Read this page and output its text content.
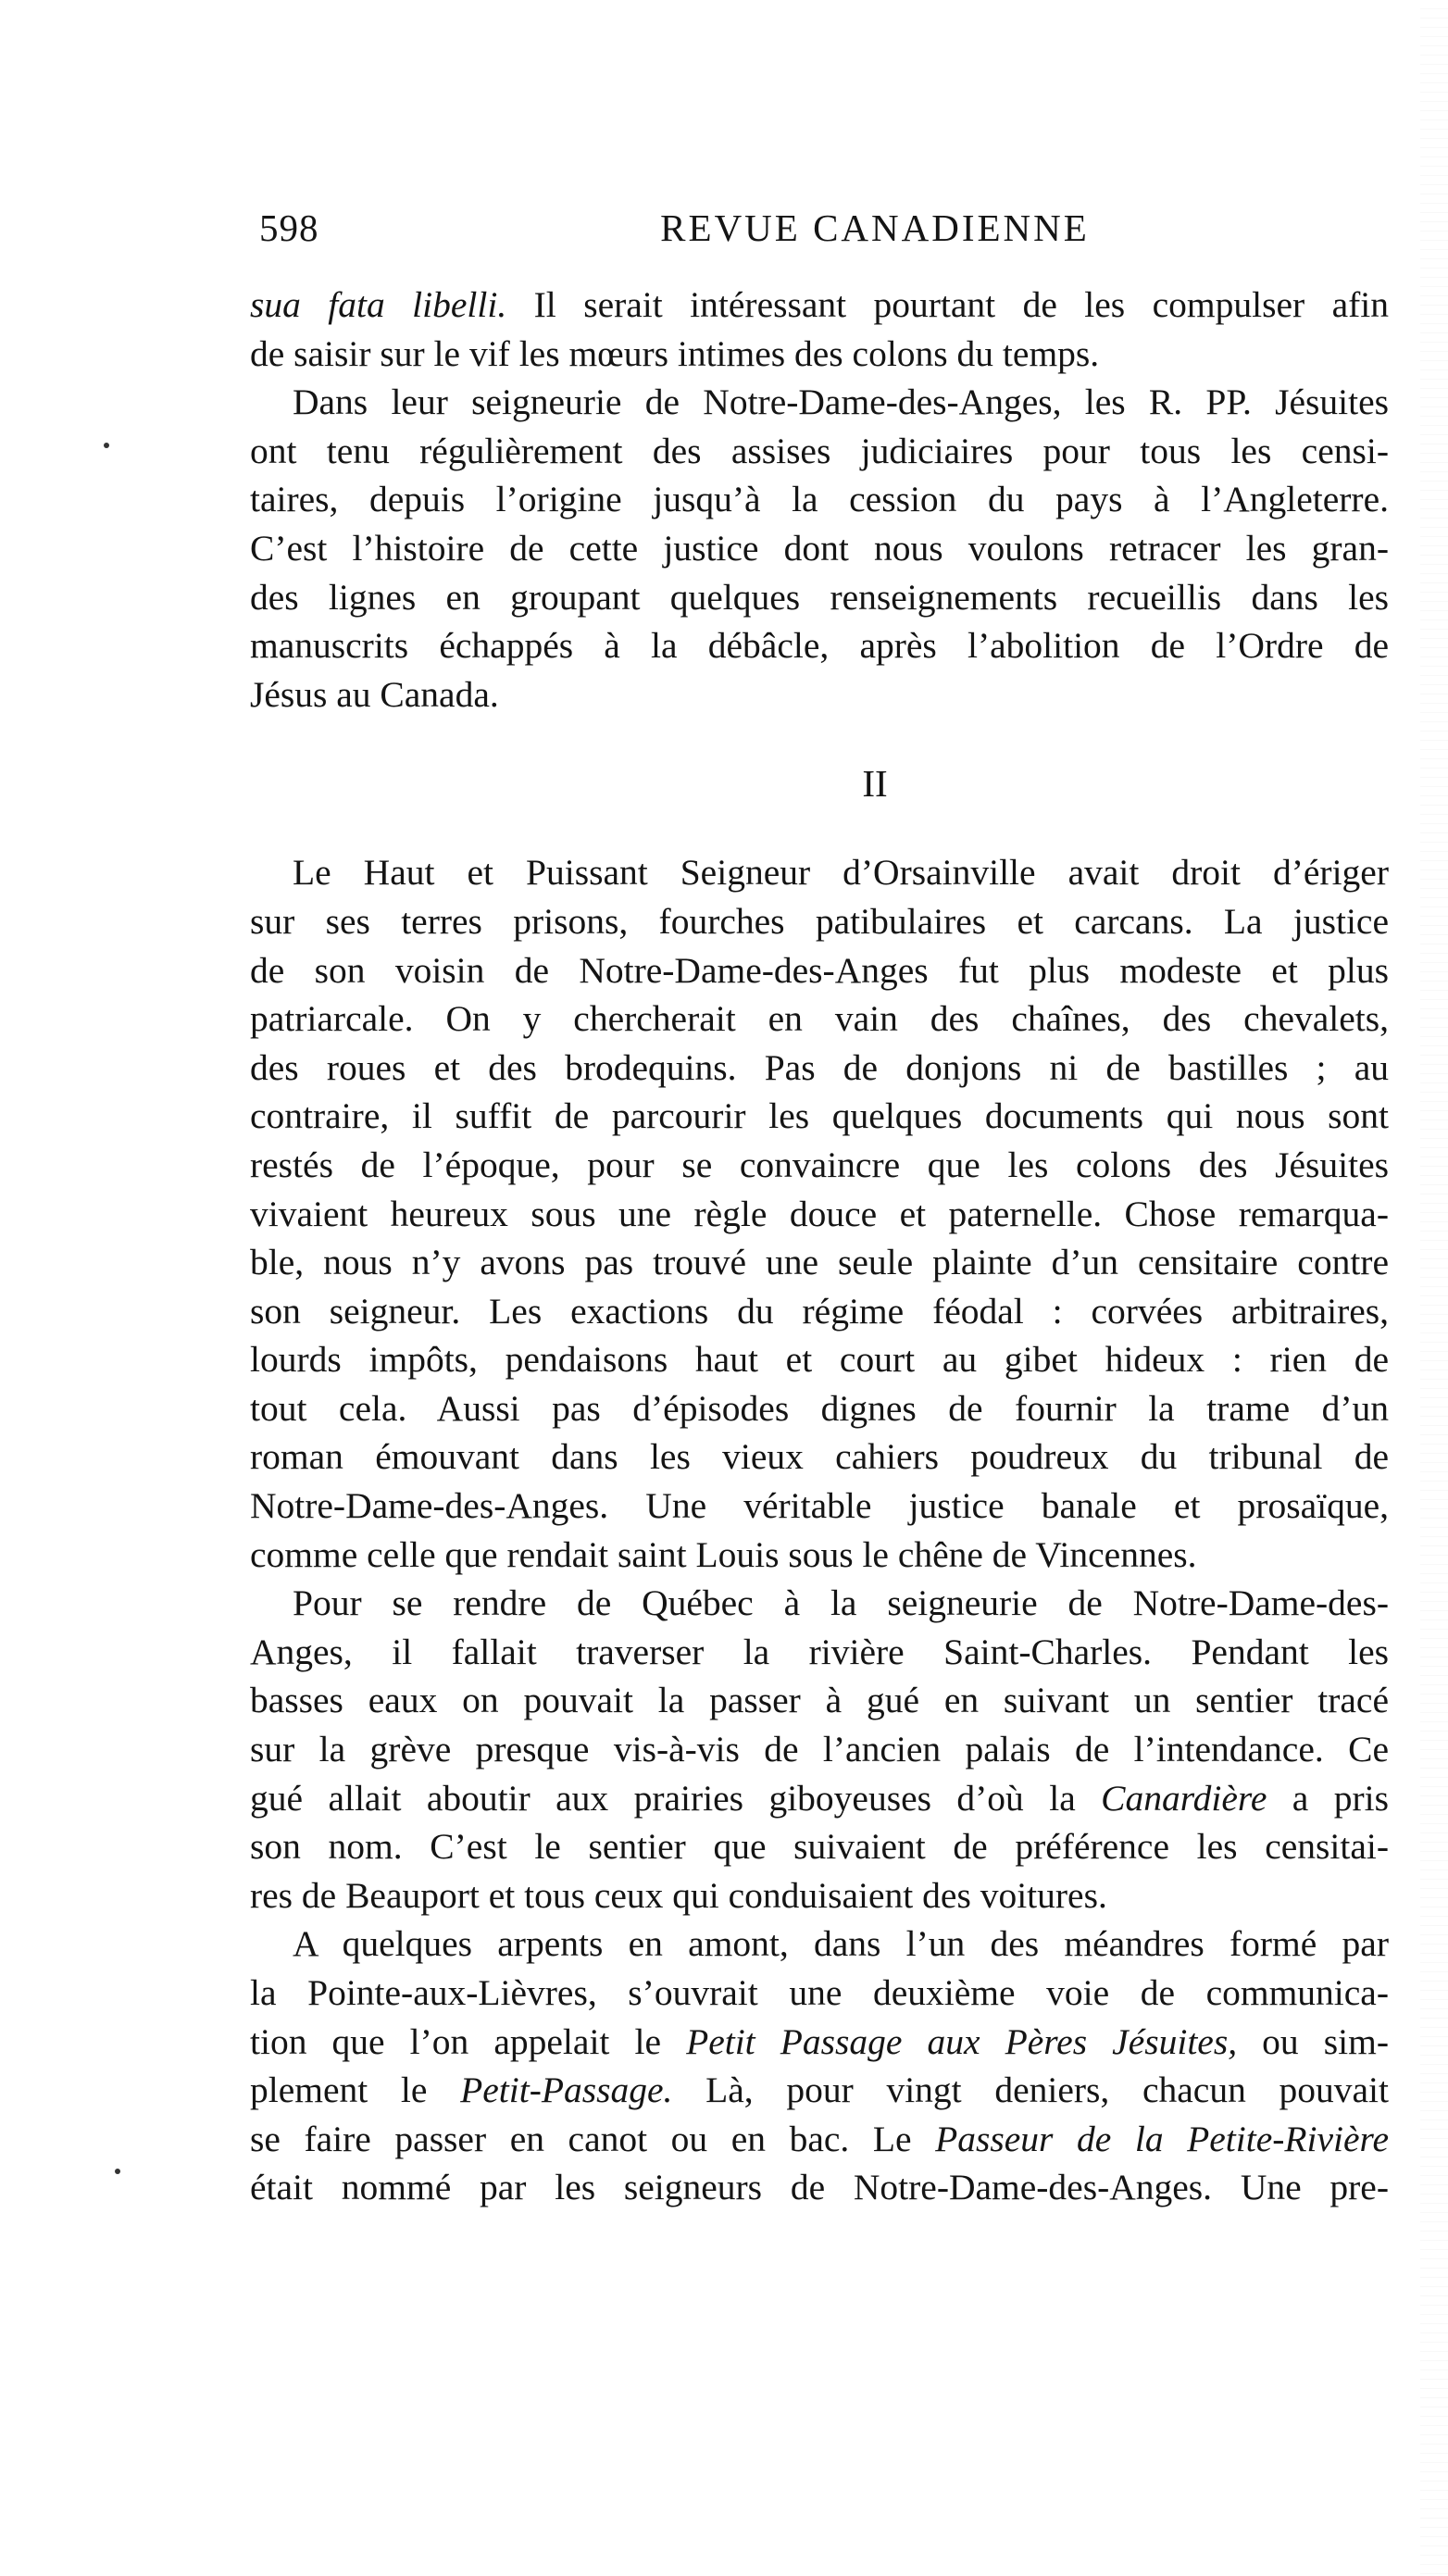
598	REVUE CANADIENNE
sua fata libelli. Il serait intéressant pourtant de les compulser afin
de saisir sur le vif les mœurs intimes des colons du temps.
Dans leur seigneurie de Notre-Dame-des-Anges, les R. PP. Jésuites
ont tenu régulièrement des assises judiciaires pour tous les censi-
taires, depuis l’origine jusqu’à la cession du pays à l’Angleterre.
C’est l’histoire de cette justice dont nous voulons retracer les gran-
des lignes en groupant quelques renseignements recueillis dans les
manuscrits échappés à la débâcle, après l’abolition de l’Ordre de
Jésus au Canada.
II
Le Haut et Puissant Seigneur d’Orsainville avait droit d’ériger
sur ses terres prisons, fourches patibulaires et carcans. La justice
de son voisin de Notre-Dame-des-Anges fut plus modeste et plus
patriarcale. On y chercherait en vain des chaînes, des chevalets,
des roues et des brodequins. Pas de donjons ni de bastilles ; au
contraire, il suffit de parcourir les quelques documents qui nous sont
restés de l’époque, pour se convaincre que les colons des Jésuites
vivaient heureux sous une règle douce et paternelle. Chose remarqua-
ble, nous n’y avons pas trouvé une seule plainte d’un censitaire contre
son seigneur. Les exactions du régime féodal : corvées arbitraires,
lourds impôts, pendaisons haut et court au gibet hideux : rien de
tout cela. Aussi pas d’épisodes dignes de fournir la trame d’un
roman émouvant dans les vieux cahiers poudreux du tribunal de
Notre-Dame-des-Anges. Une véritable justice banale et prosaïque,
comme celle que rendait saint Louis sous le chêne de Vincennes.
Pour se rendre de Québec à la seigneurie de Notre-Dame-des-
Anges, il fallait traverser la rivière Saint-Charles. Pendant les
basses eaux on pouvait la passer à gué en suivant un sentier tracé
sur la grève presque vis-à-vis de l’ancien palais de l’intendance. Ce
gué allait aboutir aux prairies giboyeuses d’où la Canardière a pris
son nom. C’est le sentier que suivaient de préférence les censitai-
res de Beauport et tous ceux qui conduisaient des voitures.
A quelques arpents en amont, dans l’un des méandres formé par
la Pointe-aux-Lièvres, s’ouvrait une deuxième voie de communica-
tion que l’on appelait le Petit Passage aux Pères Jésuites, ou sim-
plement le Petit-Passage. Là, pour vingt deniers, chacun pouvait
se faire passer en canot ou en bac. Le Passeur de la Petite-Rivière
était nommé par les seigneurs de Notre-Dame-des-Anges. Une pre-
